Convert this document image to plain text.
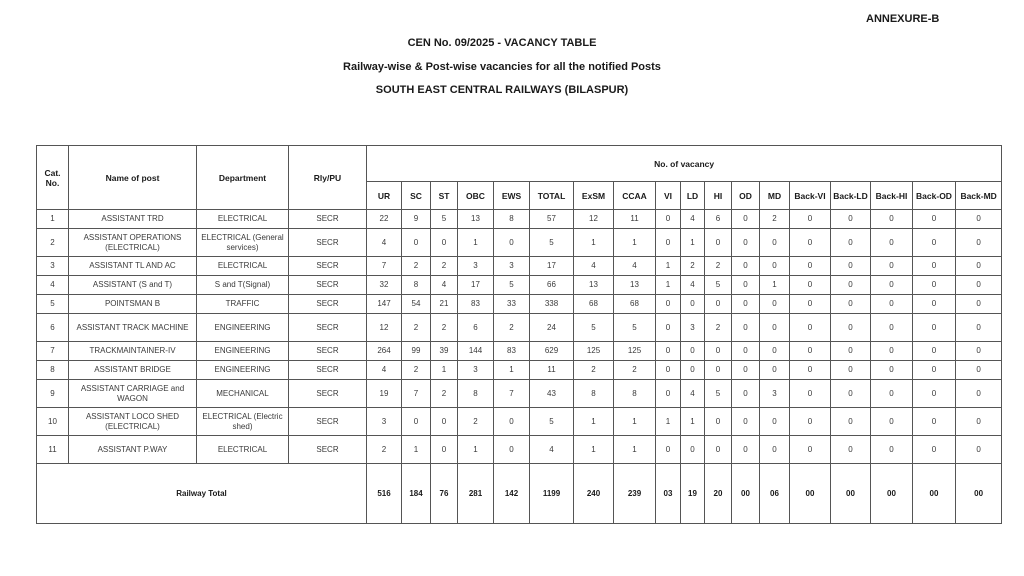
ANNEXURE-B
CEN No. 09/2025 - VACANCY TABLE
Railway-wise & Post-wise vacancies for all the notified Posts
SOUTH EAST CENTRAL RAILWAYS (BILASPUR)
Cat. No.	Name of post	Department	Rly/PU	No. of vacancy																	
				UR	SC	ST	OBC	EWS	TOTAL	ExSM	CCAA	VI	LD	HI	OD	MD	Back-VI	Back-LD	Back-HI	Back-OD	Back-MD
1	ASSISTANT TRD	ELECTRICAL	SECR	22	9	5	13	8	57	12	11	0	4	6	0	2	0	0	0	0	0
2	ASSISTANT OPERATIONS (ELECTRICAL)	ELECTRICAL (General services)	SECR	4	0	0	1	0	5	1	1	0	1	0	0	0	0	0	0	0	0
3	ASSISTANT TL AND AC	ELECTRICAL	SECR	7	2	2	3	3	17	4	4	1	2	2	0	0	0	0	0	0	0
4	ASSISTANT (S and T)	S and T(Signal)	SECR	32	8	4	17	5	66	13	13	1	4	5	0	1	0	0	0	0	0
5	POINTSMAN B	TRAFFIC	SECR	147	54	21	83	33	338	68	68	0	0	0	0	0	0	0	0	0	0
6	ASSISTANT TRACK MACHINE	ENGINEERING	SECR	12	2	2	6	2	24	5	5	0	3	2	0	0	0	0	0	0	0
7	TRACKMAINTAINER-IV	ENGINEERING	SECR	264	99	39	144	83	629	125	125	0	0	0	0	0	0	0	0	0	0
8	ASSISTANT BRIDGE	ENGINEERING	SECR	4	2	1	3	1	11	2	2	0	0	0	0	0	0	0	0	0	0
9	ASSISTANT CARRIAGE and WAGON	MECHANICAL	SECR	19	7	2	8	7	43	8	8	0	4	5	0	3	0	0	0	0	0
10	ASSISTANT LOCO SHED (ELECTRICAL)	ELECTRICAL (Electric shed)	SECR	3	0	0	2	0	5	1	1	1	1	0	0	0	0	0	0	0	0
11	ASSISTANT P.WAY	ELECTRICAL	SECR	2	1	0	1	0	4	1	1	0	0	0	0	0	0	0	0	0	0
Railway Total				516	184	76	281	142	1199	240	239	03	19	20	00	06	00	00	00	00	00
